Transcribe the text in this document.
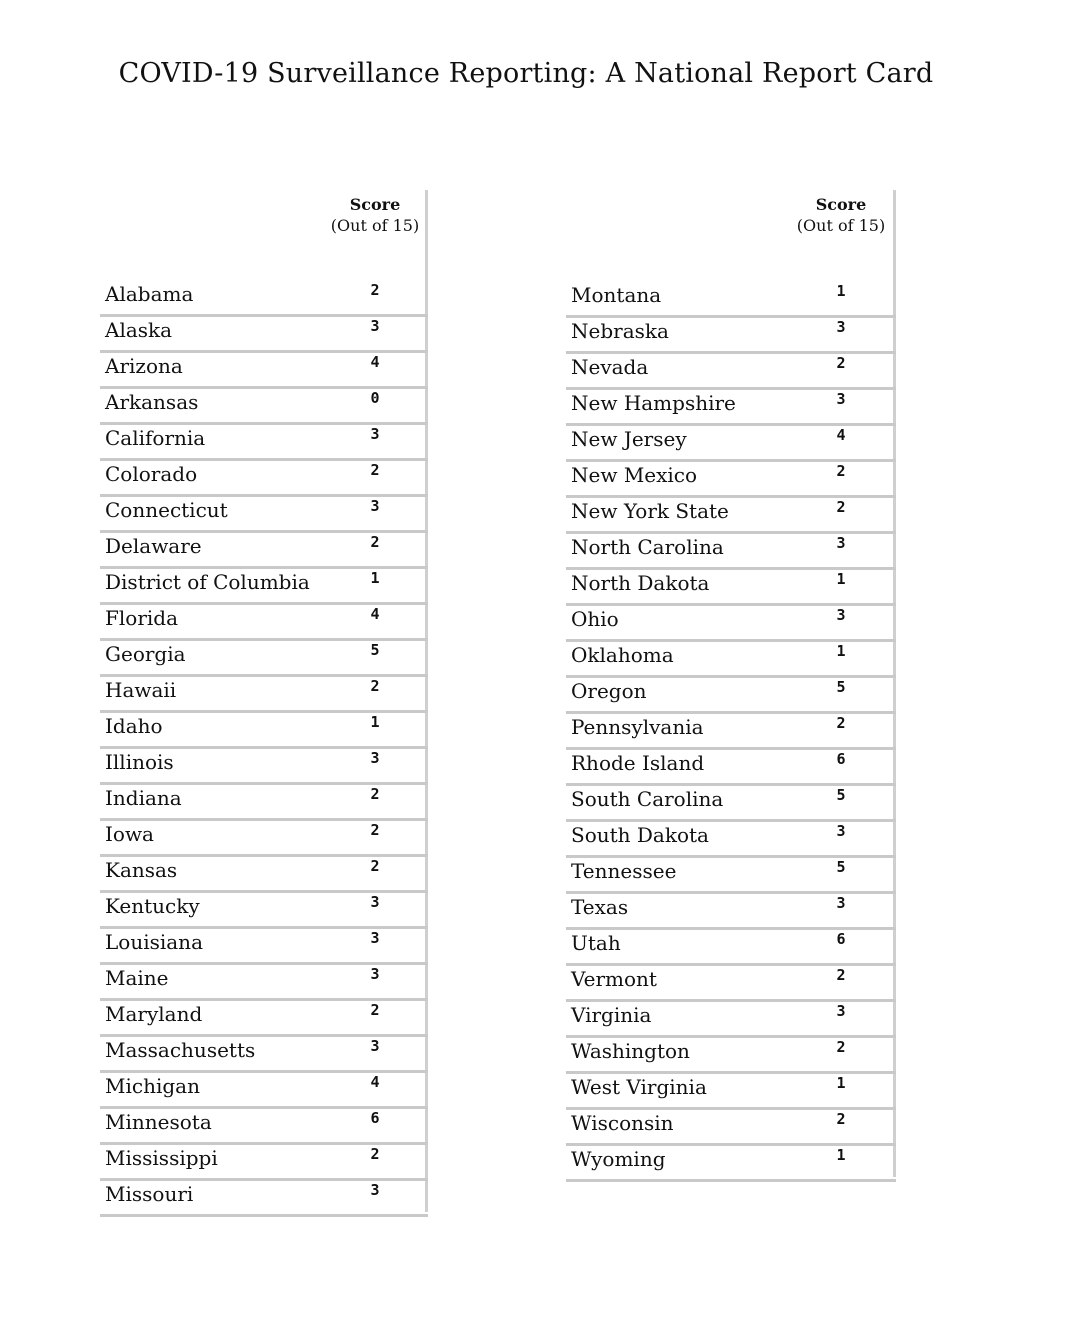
COVID-19 Surveillance Reporting: A National Report Card
Score
(Out of 15)
Alabama	2
Alaska	3
Arizona	4
Arkansas	0
California	3
Colorado	2
Connecticut	3
Delaware	2
District of Columbia	1
Florida	4
Georgia	5
Hawaii	2
Idaho	1
Illinois	3
Indiana	2
Iowa	2
Kansas	2
Kentucky	3
Louisiana	3
Maine	3
Maryland	2
Massachusetts	3
Michigan	4
Minnesota	6
Mississippi	2
Missouri	3
Score
(Out of 15)
Montana	1
Nebraska	3
Nevada	2
New Hampshire	3
New Jersey	4
New Mexico	2
New York State	2
North Carolina	3
North Dakota	1
Ohio	3
Oklahoma	1
Oregon	5
Pennsylvania	2
Rhode Island	6
South Carolina	5
South Dakota	3
Tennessee	5
Texas	3
Utah	6
Vermont	2
Virginia	3
Washington	2
West Virginia	1
Wisconsin	2
Wyoming	1
